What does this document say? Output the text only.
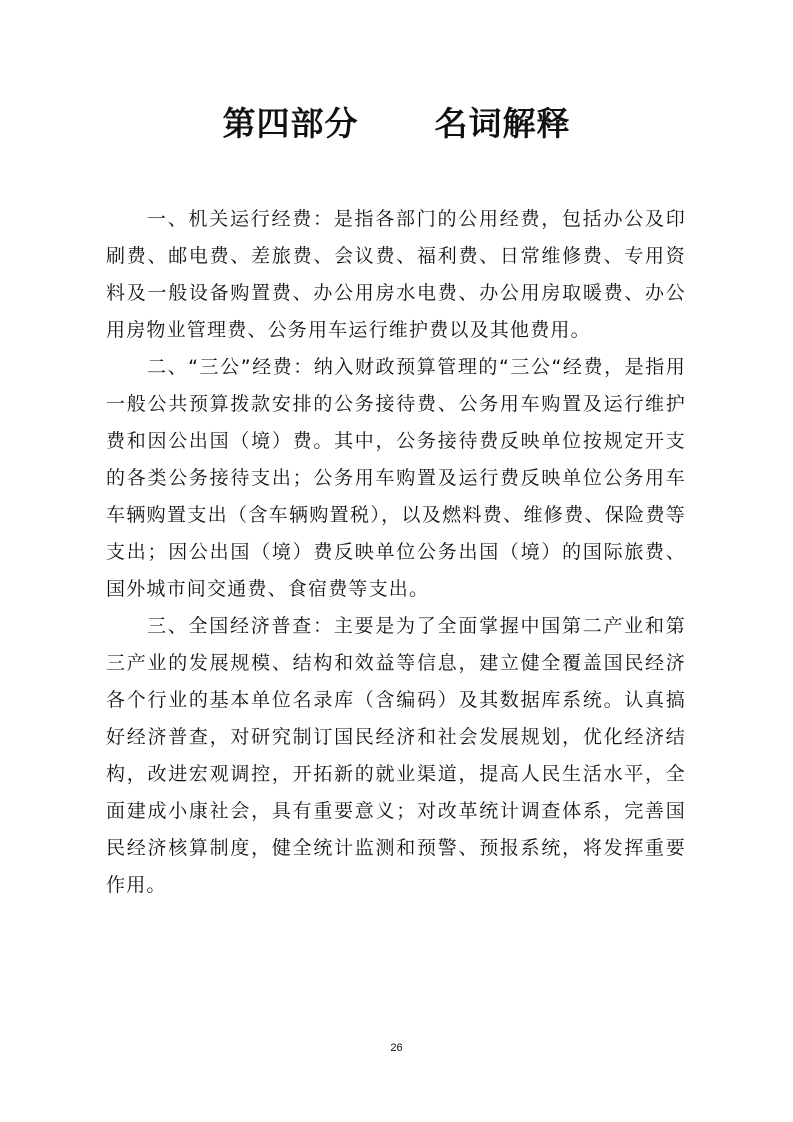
第四部分 名词解释

一、机关运行经费：是指各部门的公用经费，包括办公及印刷费、邮电费、差旅费、会议费、福利费、日常维修费、专用资料及一般设备购置费、办公用房水电费、办公用房取暖费、办公用房物业管理费、公务用车运行维护费以及其他费用。

二、“三公”经费：纳入财政预算管理的“三公“经费，是指用一般公共预算拨款安排的公务接待费、公务用车购置及运行维护费和因公出国（境）费。其中，公务接待费反映单位按规定开支的各类公务接待支出；公务用车购置及运行费反映单位公务用车车辆购置支出（含车辆购置税），以及燃料费、维修费、保险费等支出；因公出国（境）费反映单位公务出国（境）的国际旅费、国外城市间交通费、食宿费等支出。

三、全国经济普查：主要是为了全面掌握中国第二产业和第三产业的发展规模、结构和效益等信息，建立健全覆盖国民经济各个行业的基本单位名录库（含编码）及其数据库系统。认真搞好经济普查，对研究制订国民经济和社会发展规划，优化经济结构，改进宏观调控，开拓新的就业渠道，提高人民生活水平，全面建成小康社会，具有重要意义；对改革统计调查体系，完善国民经济核算制度，健全统计监测和预警、预报系统，将发挥重要作用。

26
